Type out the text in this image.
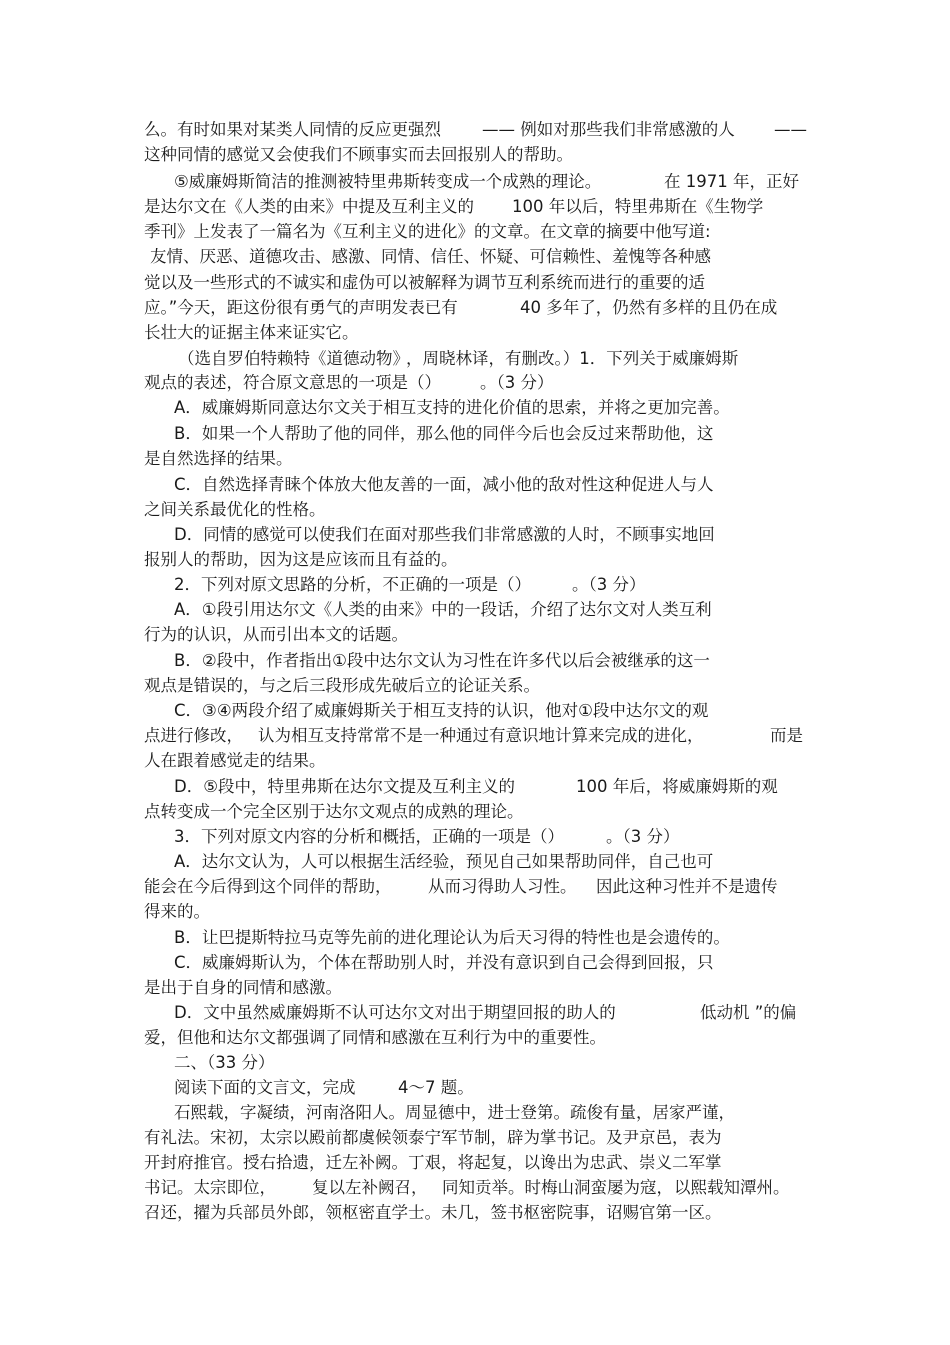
么。有时如果对某类人同情的反应更强烈 —— 例如对那些我们非常感激的人 ——
这种同情的感觉又会使我们不顾事实而去回报别人的帮助。
⑤威廉姆斯简洁的推测被特里弗斯转变成一个成熟的理论。	在 1971 年，正好
是达尔文在《人类的由来》中提及互利主义的 100 年以后，特里弗斯在《生物学
季刊》上发表了一篇名为《互利主义的进化》的文章。在文章的摘要中他写道:
友情、厌恶、道德攻击、感激、同情、信任、怀疑、可信赖性、羞愧等各种感
觉以及一些形式的不诚实和虚伪可以被解释为调节互利系统而进行的重要的适
应。”今天，距这份很有勇气的声明发表已有	40 多年了，仍然有多样的且仍在成
长壮大的证据主体来证实它。
（选自罗伯特赖特《道德动物》
，周晓林译，有删改。）1．下列关于威廉姆斯
观点的表述，符合原文意思的一项是（） 。（3 分）
A．威廉姆斯同意达尔文关于相互支持的进化价值的思索，并将之更加完善。
B．如果一个人帮助了他的同伴，那么他的同伴今后也会反过来帮助他，这
是自然选择的结果。
C．自然选择青睐个体放大他友善的一面，减小他的敌对性这种促进人与人
之间关系最优化的性格。
D．同情的感觉可以使我们在面对那些我们非常感激的人时，不顾事实地回
报别人的帮助，因为这是应该而且有益的。
2．下列对原文思路的分析，不正确的一项是（） 。（3 分）
A．①段引用达尔文《人类的由来》中的一段话，介绍了达尔文对人类互利
行为的认识，从而引出本文的话题。
B．②段中，作者指出①段中达尔文认为习性在许多代以后会被继承的这一
观点是错误的，与之后三段形成先破后立的论证关系。
C．③④两段介绍了威廉姆斯关于相互支持的认识，他对①段中达尔文的观
点进行修改， 认为相互支持常常不是一种通过有意识地计算来完成的进化，	而是
人在跟着感觉走的结果。
D．⑤段中，特里弗斯在达尔文提及互利主义的	100 年后，将威廉姆斯的观
点转变成一个完全区别于达尔文观点的成熟的理论。
3．下列对原文内容的分析和概括，正确的一项是（）	。（3 分）
A．达尔文认为，人可以根据生活经验，预见自己如果帮助同伴，自己也可
能会在今后得到这个同伴的帮助， 从而习得助人习性。 因此这种习性并不是遗传
得来的。
B．让巴提斯特拉马克等先前的进化理论认为后天习得的特性也是会遗传的。
C．威廉姆斯认为，个体在帮助别人时，并没有意识到自己会得到回报，只
是出于自身的同情和感激。
D．文中虽然威廉姆斯不认可达尔文对出于期望回报的助人的	低动机 ”的偏
爱，但他和达尔文都强调了同情和感激在互利行为中的重要性。
二、（33 分）
阅读下面的文言文，完成	4～7 题。
石熙载，字凝绩，河南洛阳人。周显德中，进士登第。疏俊有量，居家严谨，
有礼法。宋初，太宗以殿前都虞候领泰宁军节制，辟为掌书记。及尹京邑，表为
开封府推官。授右拾遗，迁左补阙。丁艰，将起复，以谗出为忠武、崇义二军掌
书记。太宗即位， 复以左补阙召， 同知贡举。时梅山洞蛮屡为寇， 以熙载知潭州。
召还，擢为兵部员外郎，领枢密直学士。未几，签书枢密院事，诏赐官第一区。
